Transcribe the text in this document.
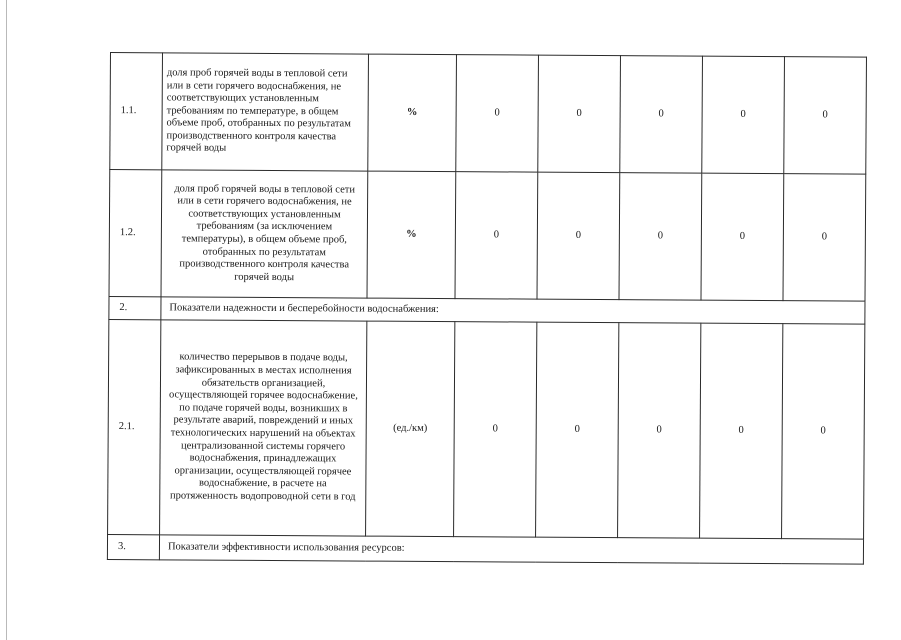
1.1.	доля проб горячей воды в тепловой сети или в сети горячего водоснабжения, не соответствующих установленным требованиям по температуре, в общем объеме проб, отобранных по результатам производственного контроля качества горячей воды	%	0	0	0	0	0
1.2.	доля проб горячей воды в тепловой сети или в сети горячего водоснабжения, не соответствующих установленным требованиям (за исключением температуры), в общем объеме проб, отобранных по результатам производственного контроля качества горячей воды	%	0	0	0	0	0
2.	Показатели надежности и бесперебойности водоснабжения:						
2.1.	количество перерывов в подаче воды, зафиксированных в местах исполнения обязательств организацией, осуществляющей горячее водоснабжение, по подаче горячей воды, возникших в результате аварий, повреждений и иных технологических нарушений на объектах централизованной системы горячего водоснабжения, принадлежащих организации, осуществляющей горячее водоснабжение, в расчете на протяженность водопроводной сети в год	(ед./км)	0	0	0	0	0
3.	Показатели эффективности использования ресурсов:						
